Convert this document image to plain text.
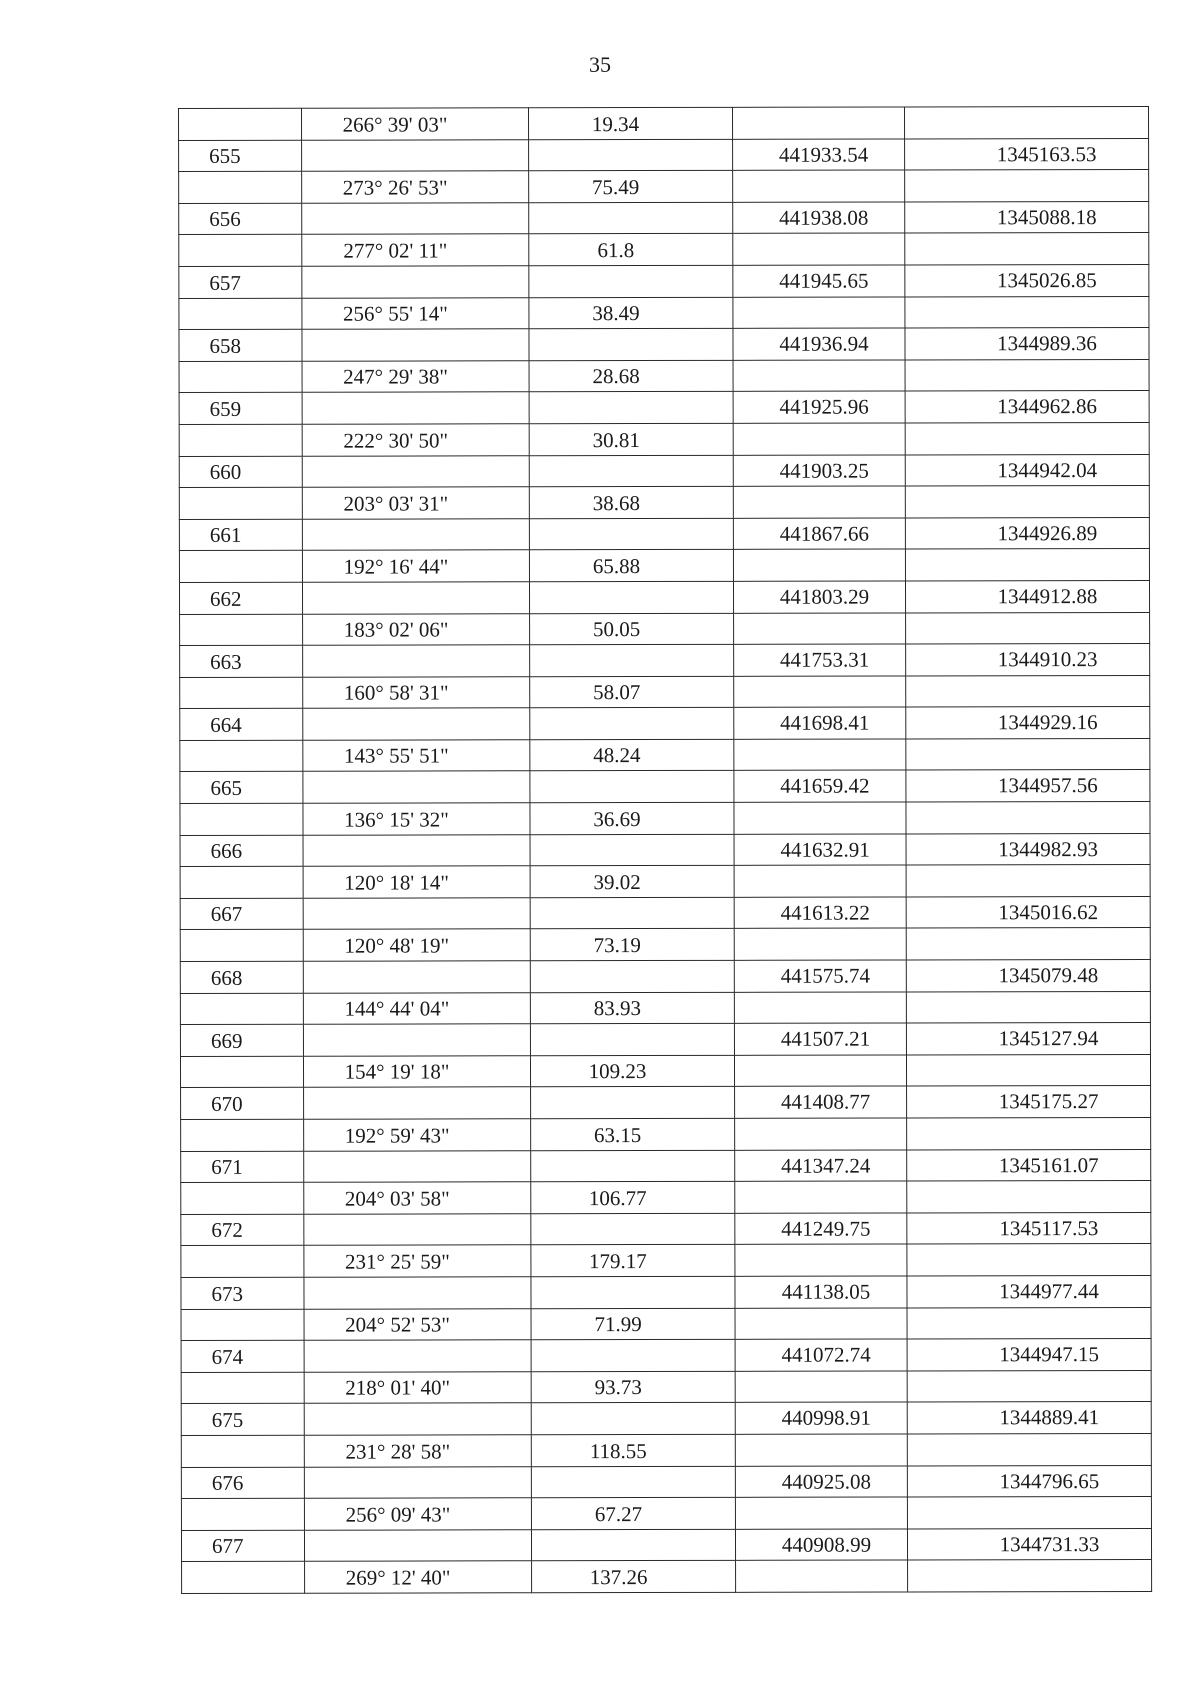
35
	266° 39' 03"	19.34		
655			441933.54	1345163.53
	273° 26' 53"	75.49		
656			441938.08	1345088.18
	277° 02' 11"	61.8		
657			441945.65	1345026.85
	256° 55' 14"	38.49		
658			441936.94	1344989.36
	247° 29' 38"	28.68		
659			441925.96	1344962.86
	222° 30' 50"	30.81		
660			441903.25	1344942.04
	203° 03' 31"	38.68		
661			441867.66	1344926.89
	192° 16' 44"	65.88		
662			441803.29	1344912.88
	183° 02' 06"	50.05		
663			441753.31	1344910.23
	160° 58' 31"	58.07		
664			441698.41	1344929.16
	143° 55' 51"	48.24		
665			441659.42	1344957.56
	136° 15' 32"	36.69		
666			441632.91	1344982.93
	120° 18' 14"	39.02		
667			441613.22	1345016.62
	120° 48' 19"	73.19		
668			441575.74	1345079.48
	144° 44' 04"	83.93		
669			441507.21	1345127.94
	154° 19' 18"	109.23		
670			441408.77	1345175.27
	192° 59' 43"	63.15		
671			441347.24	1345161.07
	204° 03' 58"	106.77		
672			441249.75	1345117.53
	231° 25' 59"	179.17		
673			441138.05	1344977.44
	204° 52' 53"	71.99		
674			441072.74	1344947.15
	218° 01' 40"	93.73		
675			440998.91	1344889.41
	231° 28' 58"	118.55		
676			440925.08	1344796.65
	256° 09' 43"	67.27		
677			440908.99	1344731.33
	269° 12' 40"	137.26		
